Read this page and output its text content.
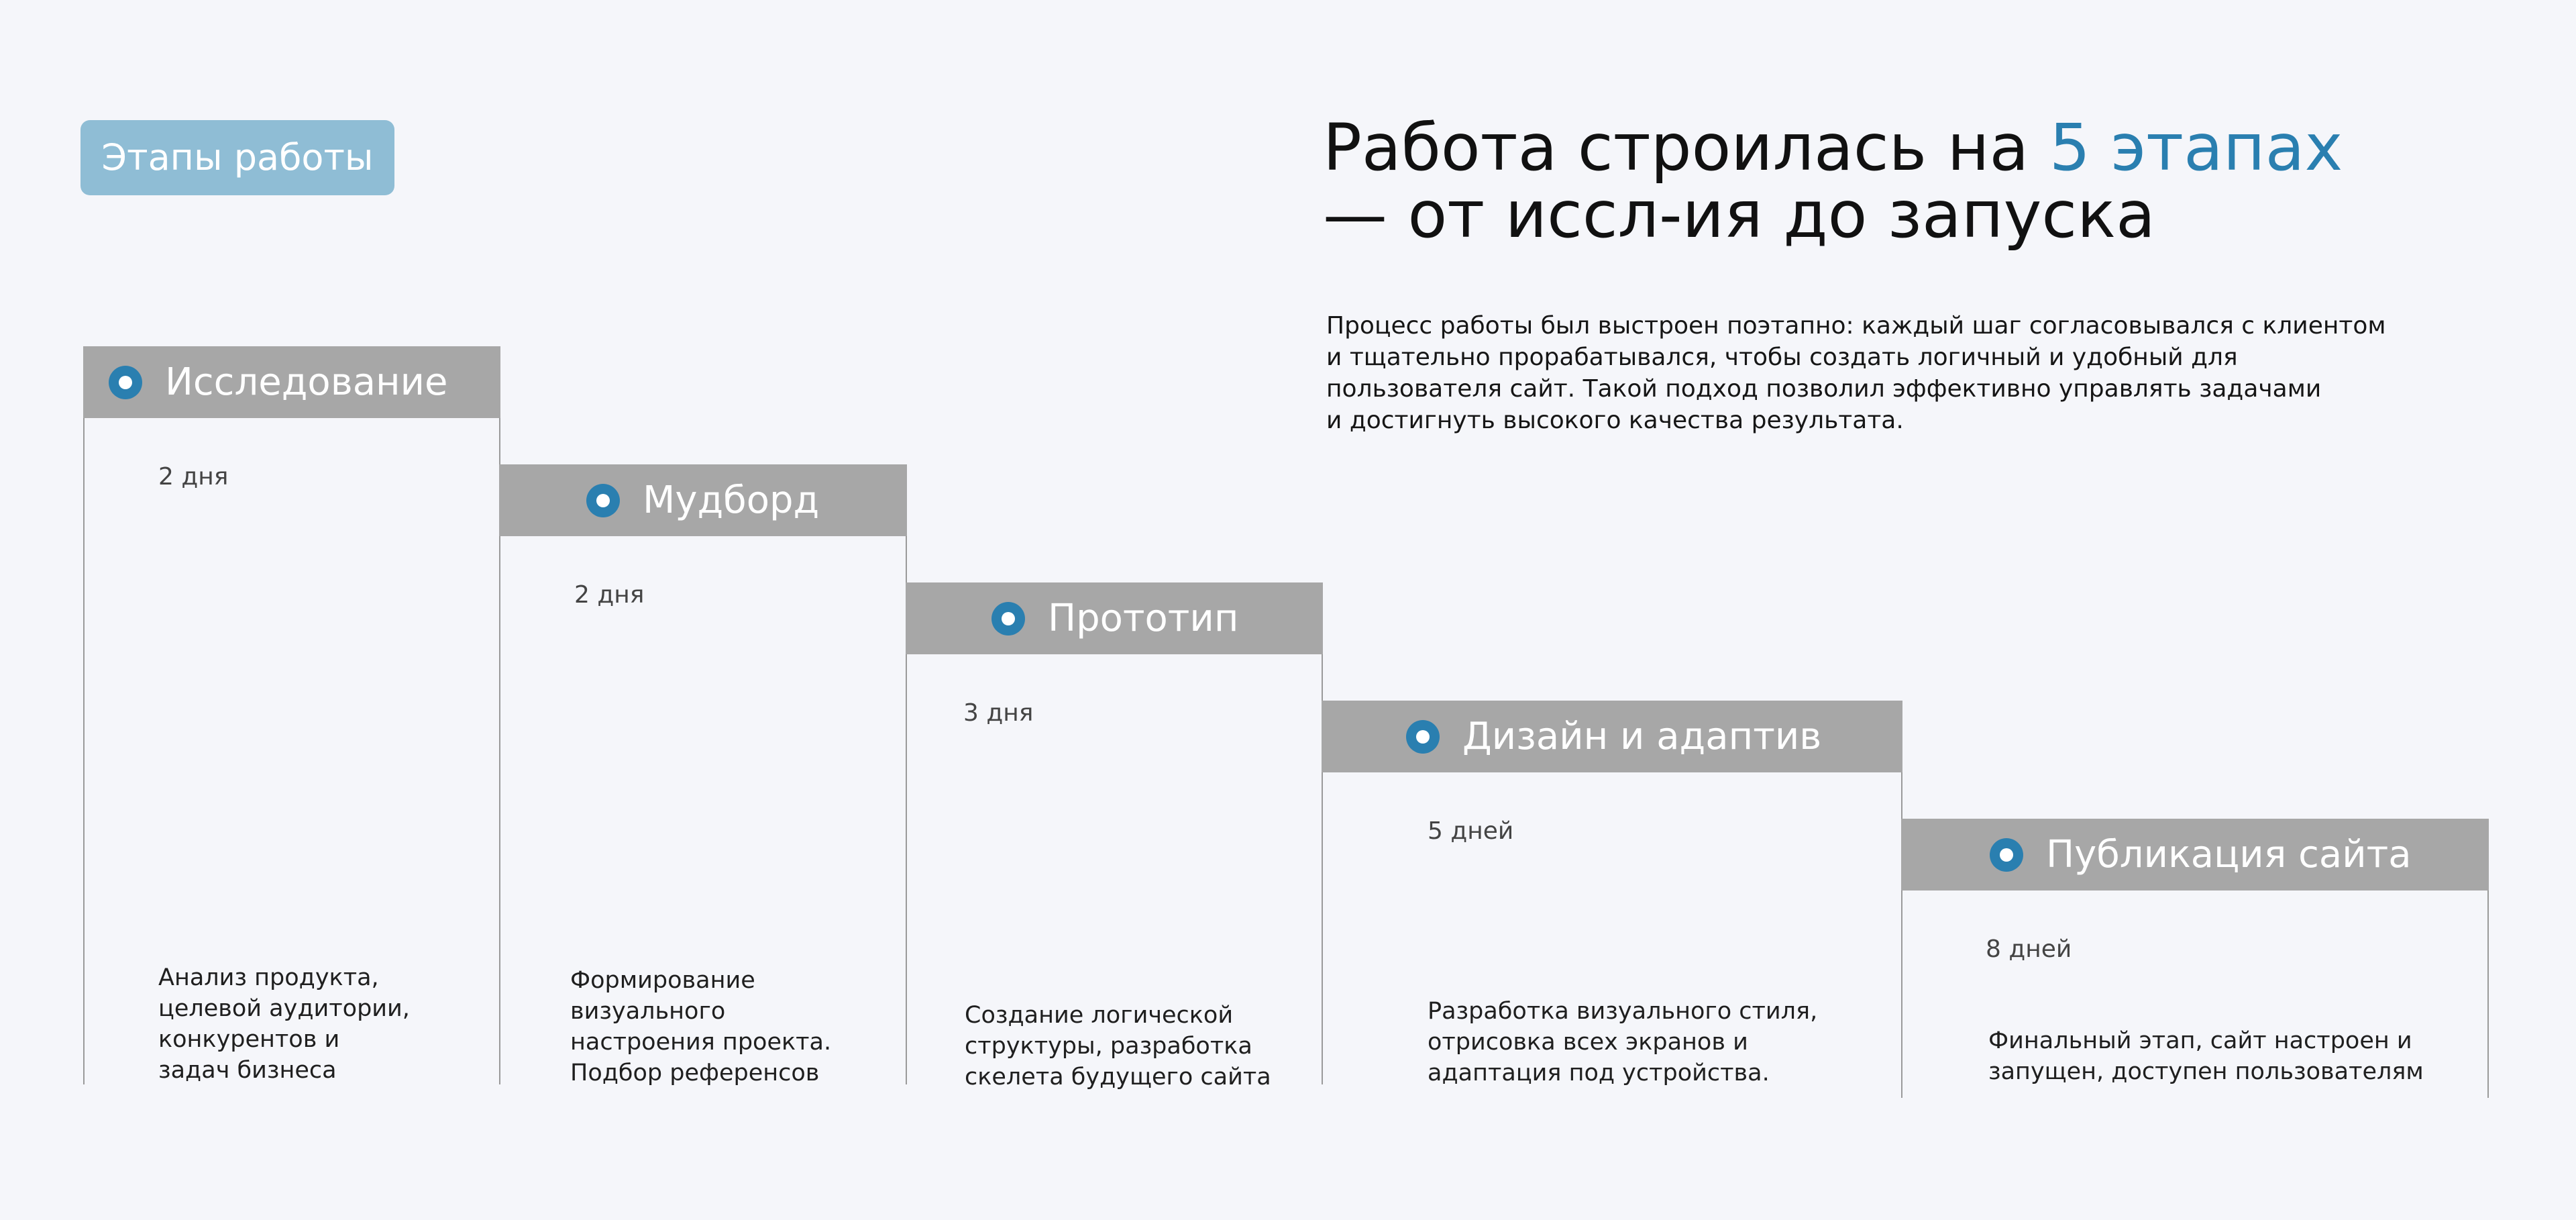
Этапы работы	Работа строилась на 5 этапах
— от иссл-ия до запуска
Процесс работы был выстроен поэтапно: каждый шаг согласовывался с клиентом
и тщательно прорабатывался, чтобы создать логичный и удобный для
пользователя сайт. Такой подход позволил эффективно управлять задачами
и достигнуть высокого качества результата.
Исследование
2 дня
Анализ продукта,
целевой аудитории,
конкурентов и
задач бизнеса
Мудборд
2 дня
Формирование
визуального
настроения проекта.
Подбор референсов
Прототип
3 дня
Создание логической
структуры, разработка
скелета будущего сайта
Дизайн и адаптив
5 дней
Разработка визуального стиля,
отрисовка всех экранов и
адаптация под устройства.
Публикация сайта
8 дней
Финальный этап, сайт настроен и
запущен, доступен пользователям
